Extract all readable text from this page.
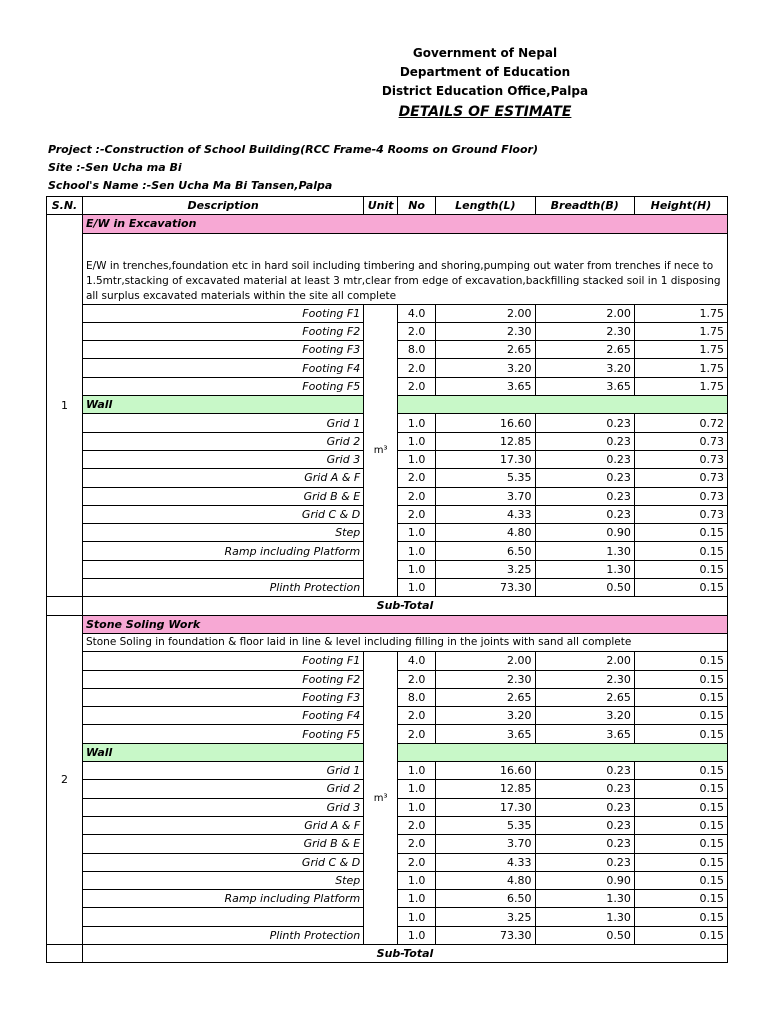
Government of Nepal
Department of Education
District Education Office,Palpa
DETAILS OF ESTIMATE
Project :-Construction of School Building(RCC Frame-4 Rooms on Ground Floor)
Site :-Sen Ucha ma Bi
School's Name :-Sen Ucha Ma Bi Tansen,Palpa
S.N.	Description	Unit	No	Length(L)	Breadth(B)	Height(H)
1	E/W in Excavation					
	E/W in trenches,foundation etc in hard soil including timbering and shoring,pumping out water from trenches if nece to 1.5mtr,stacking of excavated material at least 3 mtr,clear from edge of excavation,backfilling stacked soil in 1 disposing all surplus excavated materials within the site all complete					
	Footing F1	m³	4.0	2.00	2.00	1.75
	Footing F2		2.0	2.30	2.30	1.75
	Footing F3		8.0	2.65	2.65	1.75
	Footing F4		2.0	3.20	3.20	1.75
	Footing F5		2.0	3.65	3.65	1.75
	Wall					
	Grid 1		1.0	16.60	0.23	0.72
	Grid 2		1.0	12.85	0.23	0.73
	Grid 3		1.0	17.30	0.23	0.73
	Grid A & F		2.0	5.35	0.23	0.73
	Grid B & E		2.0	3.70	0.23	0.73
	Grid C & D		2.0	4.33	0.23	0.73
	Step		1.0	4.80	0.90	0.15
	Ramp including Platform		1.0	6.50	1.30	0.15
			1.0	3.25	1.30	0.15
	Plinth Protection		1.0	73.30	0.50	0.15
	Sub-Total					
2	Stone Soling Work					
	Stone Soling in foundation & floor laid in line & level including filling in the joints with sand all complete					
	Footing F1	m³	4.0	2.00	2.00	0.15
	Footing F2		2.0	2.30	2.30	0.15
	Footing F3		8.0	2.65	2.65	0.15
	Footing F4		2.0	3.20	3.20	0.15
	Footing F5		2.0	3.65	3.65	0.15
	Wall					
	Grid 1		1.0	16.60	0.23	0.15
	Grid 2		1.0	12.85	0.23	0.15
	Grid 3		1.0	17.30	0.23	0.15
	Grid A & F		2.0	5.35	0.23	0.15
	Grid B & E		2.0	3.70	0.23	0.15
	Grid C & D		2.0	4.33	0.23	0.15
	Step		1.0	4.80	0.90	0.15
	Ramp including Platform		1.0	6.50	1.30	0.15
			1.0	3.25	1.30	0.15
	Plinth Protection		1.0	73.30	0.50	0.15
	Sub-Total					
